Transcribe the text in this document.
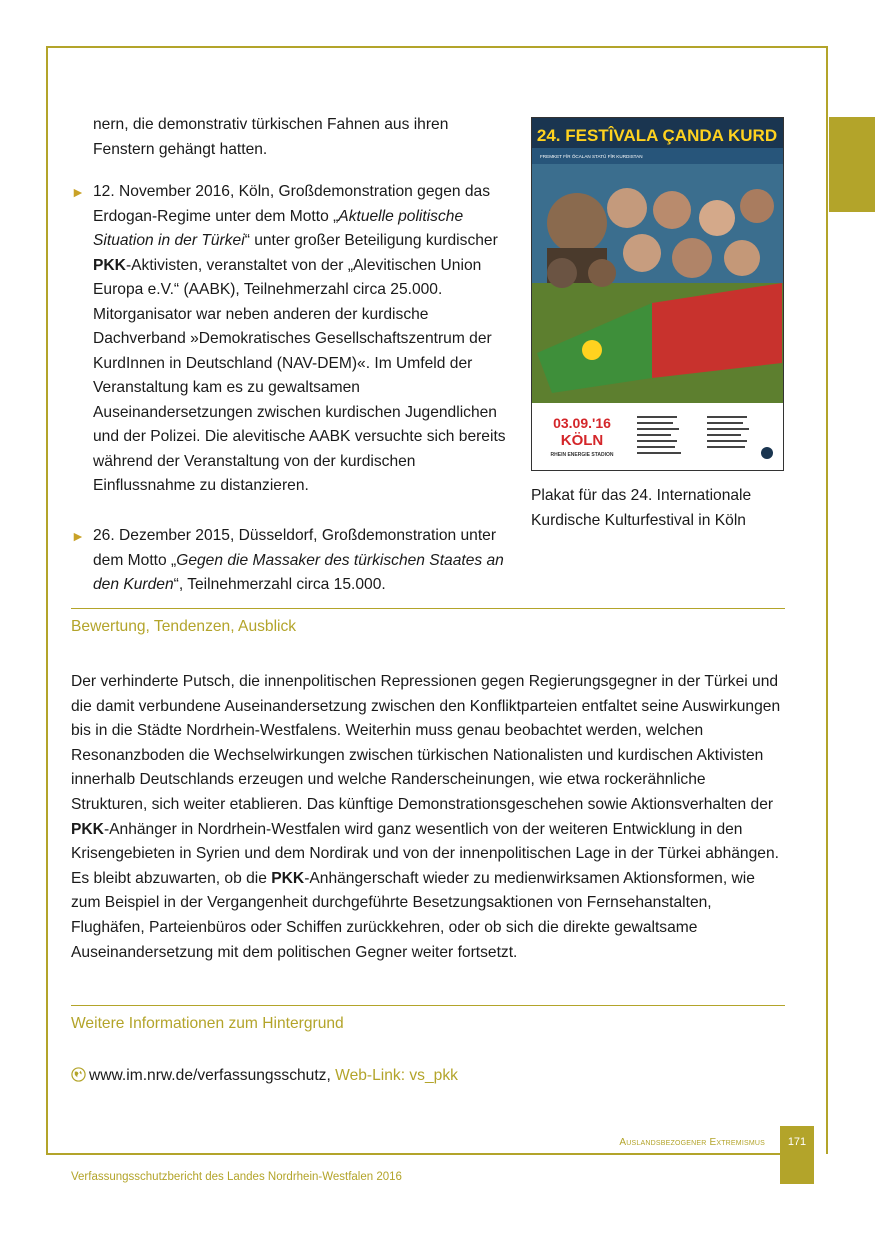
nern, die demonstrativ türkischen Fahnen aus ihren Fenstern gehängt hatten.
► 12. November 2016, Köln, Großdemonstration gegen das Erdogan-Regime unter dem Motto „Aktuelle politische Situation in der Türkei“ unter großer Beteiligung kurdischer PKK-Aktivisten, veranstaltet von der „Alevitischen Union Europa e.V.“ (AABK), Teilnehmerzahl circa 25.000. Mitorganisator war neben anderen der kurdische Dachverband »Demokratisches Gesellschaftszentrum der KurdInnen in Deutschland (NAV-DEM)«. Im Umfeld der Veranstaltung kam es zu gewaltsamen Auseinandersetzungen zwischen kurdischen Jugendlichen und der Polizei. Die alevitische AABK versuchte sich bereits während der Veranstaltung von der kurdischen Einflussnahme zu distanzieren.
► 26. Dezember 2015, Düsseldorf, Großdemonstration unter dem Motto „Gegen die Massaker des türkischen Staates an den Kurden“, Teilnehmerzahl circa 15.000.
24. FESTÎVALA ÇANDA KURD
FREMKET FÎR ÖCALAN STATÜ FÎR KURDISTAN
03.09.'16
KÖLN
RHEIN ENERGIE STADION
Plakat für das 24. Internationale Kurdische Kulturfestival in Köln
Bewertung, Tendenzen, Ausblick
Der verhinderte Putsch, die innenpolitischen Repressionen gegen Regierungsgegner in der Türkei und die damit verbundene Auseinandersetzung zwischen den Konfliktparteien entfaltet seine Auswirkungen bis in die Städte Nordrhein-Westfalens. Weiterhin muss genau beobachtet werden, welchen Resonanzboden die Wechselwirkungen zwischen türkischen Nationalisten und kurdischen Aktivisten innerhalb Deutschlands erzeugen und welche Randerscheinungen, wie etwa rockerähnliche Strukturen, sich weiter etablieren. Das künftige Demonstrationsgeschehen sowie Aktionsverhalten der PKK-Anhänger in Nordrhein-Westfalen wird ganz wesentlich von der weiteren Entwicklung in den Krisengebieten in Syrien und dem Nordirak und von der innenpolitischen Lage in der Türkei abhängen. Es bleibt abzuwarten, ob die PKK-Anhängerschaft wieder zu medienwirksamen Aktionsformen, wie zum Beispiel in der Vergangenheit durchgeführte Besetzungsaktionen von Fernsehanstalten, Flughäfen, Parteienbüros oder Schiffen zurückkehren, oder ob sich die direkte gewaltsame Auseinandersetzung mit dem politischen Gegner weiter fortsetzt.
Weitere Informationen zum Hintergrund
www.im.nrw.de/verfassungsschutz, Web-Link: vs_pkk
Auslandsbezogener Extremismus	171
Verfassungsschutzbericht des Landes Nordrhein-Westfalen 2016
